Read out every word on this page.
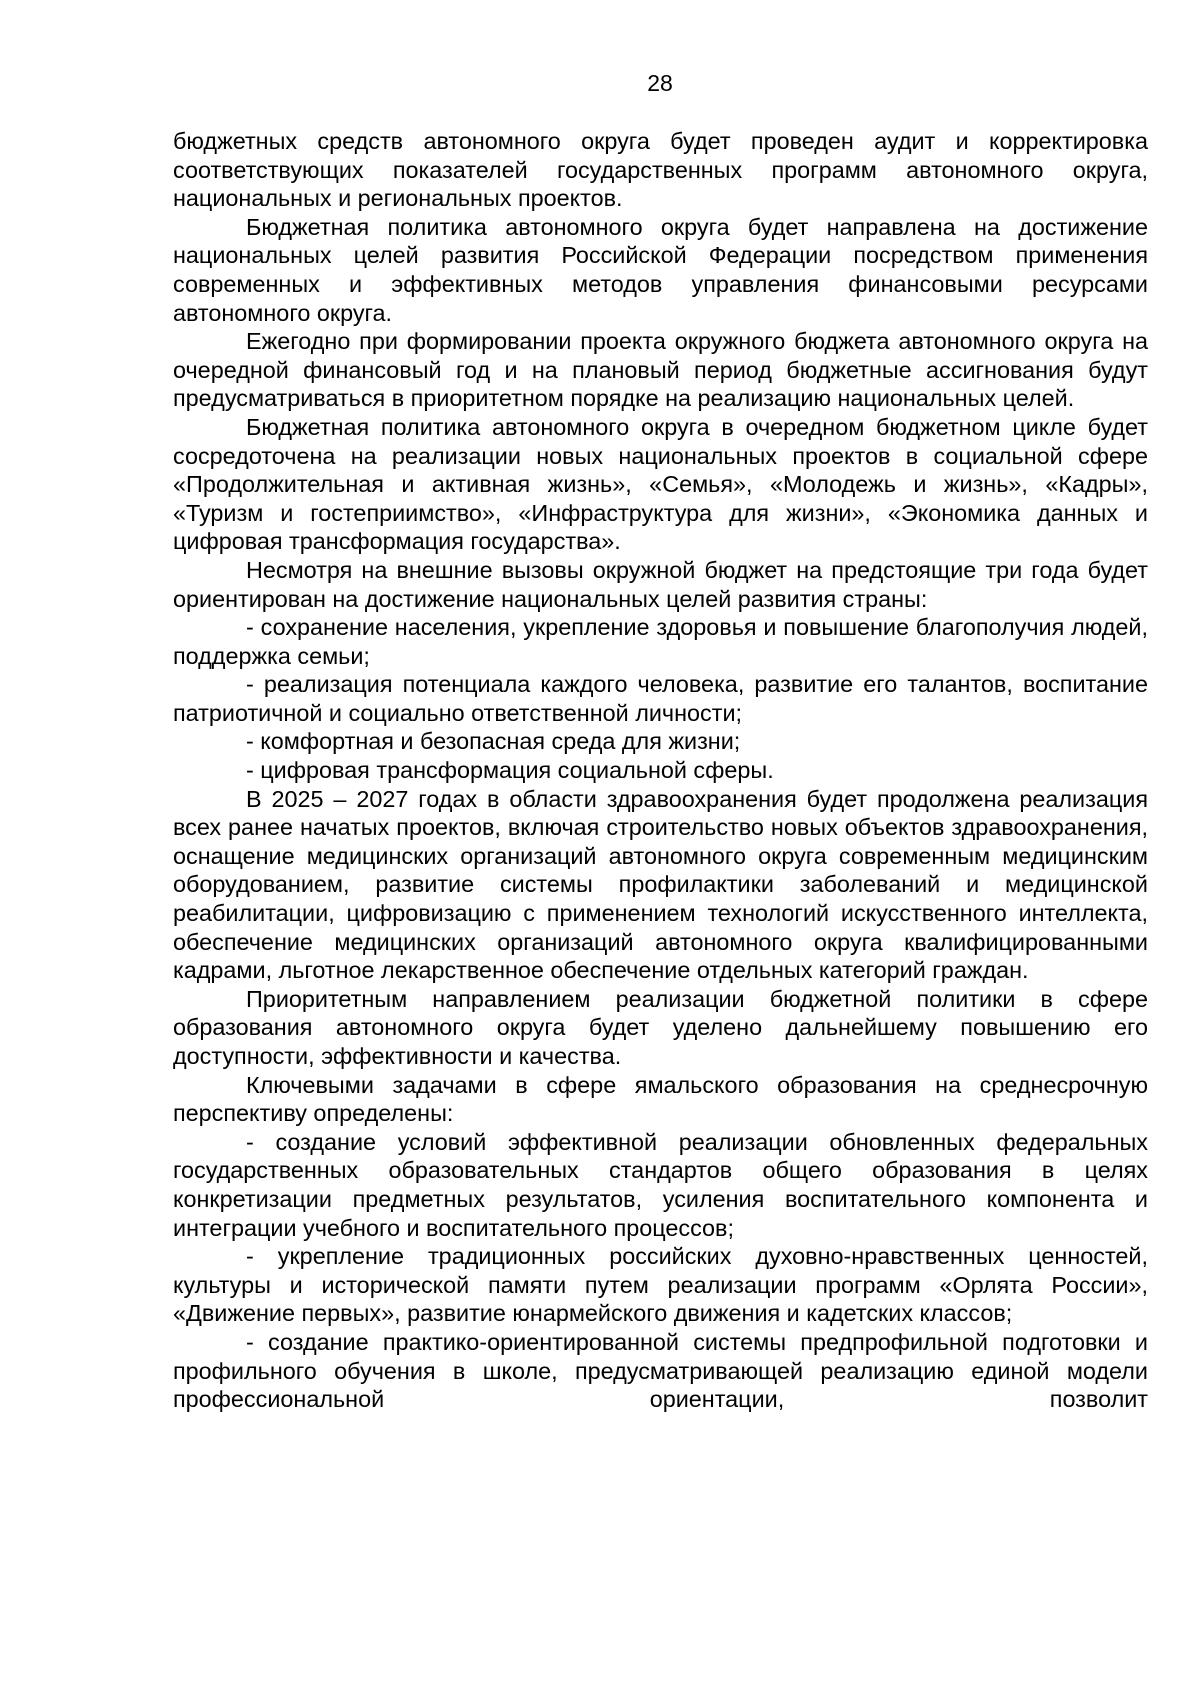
28

бюджетных средств автономного округа будет проведен аудит и корректировка соответствующих показателей государственных программ автономного округа, национальных и региональных проектов.

Бюджетная политика автономного округа будет направлена на достижение национальных целей развития Российской Федерации посредством применения современных и эффективных методов управления финансовыми ресурсами автономного округа.

Ежегодно при формировании проекта окружного бюджета автономного округа на очередной финансовый год и на плановый период бюджетные ассигнования будут предусматриваться в приоритетном порядке на реализацию национальных целей.

Бюджетная политика автономного округа в очередном бюджетном цикле будет сосредоточена на реализации новых национальных проектов в социальной сфере «Продолжительная и активная жизнь», «Семья», «Молодежь и жизнь», «Кадры», «Туризм и гостеприимство», «Инфраструктура для жизни», «Экономика данных и цифровая трансформация государства».

Несмотря на внешние вызовы окружной бюджет на предстоящие три года будет ориентирован на достижение национальных целей развития страны:

- сохранение населения, укрепление здоровья и повышение благополучия людей, поддержка семьи;

- реализация потенциала каждого человека, развитие его талантов, воспитание патриотичной и социально ответственной личности;

- комфортная и безопасная среда для жизни;

- цифровая трансформация социальной сферы.

В 2025 – 2027 годах в области здравоохранения будет продолжена реализация всех ранее начатых проектов, включая строительство новых объектов здравоохранения, оснащение медицинских организаций автономного округа современным медицинским оборудованием, развитие системы профилактики заболеваний и медицинской реабилитации, цифровизацию с применением технологий искусственного интеллекта, обеспечение медицинских организаций автономного округа квалифицированными кадрами, льготное лекарственное обеспечение отдельных категорий граждан.

Приоритетным направлением реализации бюджетной политики в сфере образования автономного округа будет уделено дальнейшему повышению его доступности, эффективности и качества.

Ключевыми задачами в сфере ямальского образования на среднесрочную перспективу определены:

- создание условий эффективной реализации обновленных федеральных государственных образовательных стандартов общего образования в целях конкретизации предметных результатов, усиления воспитательного компонента и интеграции учебного и воспитательного процессов;

- укрепление традиционных российских духовно-нравственных ценностей, культуры и исторической памяти путем реализации программ «Орлята России», «Движение первых», развитие юнармейского движения и кадетских классов;

- создание практико-ориентированной системы предпрофильной подготовки и профильного обучения в школе, предусматривающей реализацию единой модели профессиональной ориентации, позволит
